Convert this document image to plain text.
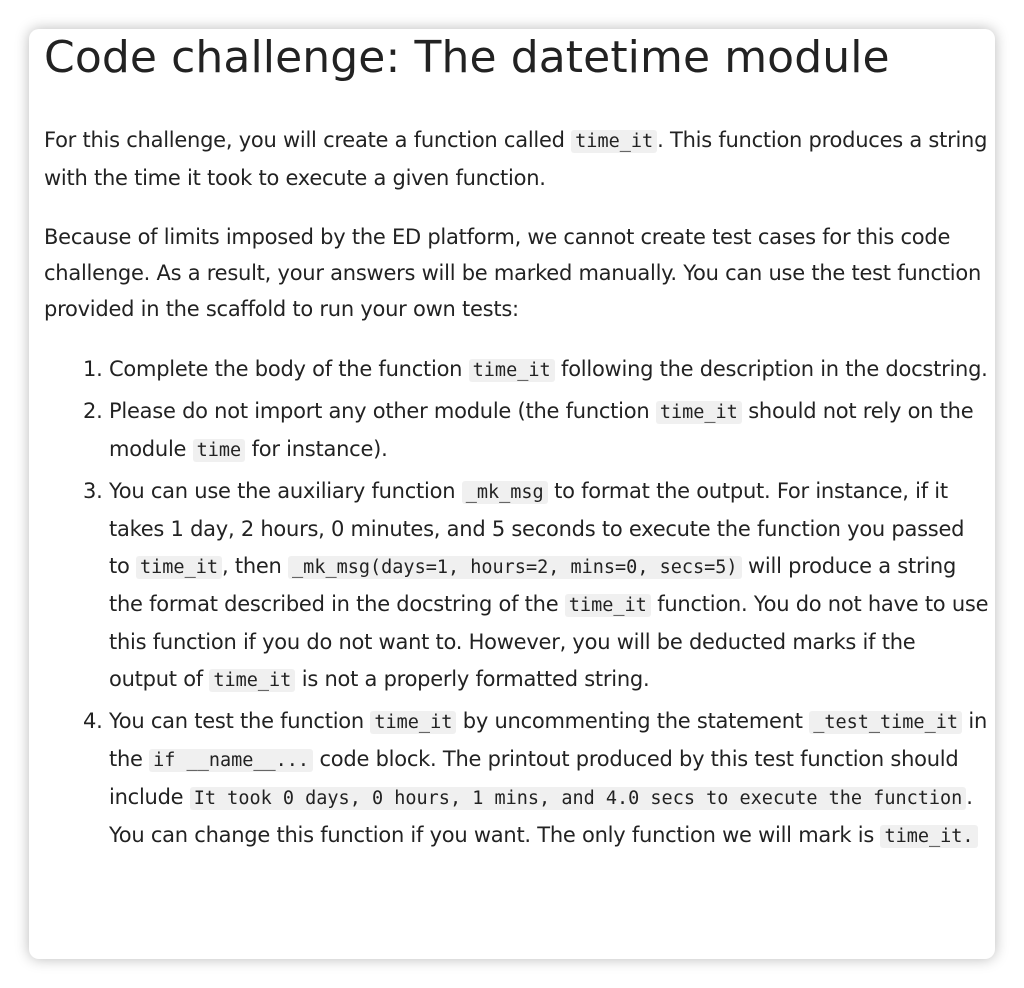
Code challenge: The datetime module

For this challenge, you will create a function called time_it . This function produces a string with the time it took to execute a given function.

Because of limits imposed by the ED platform, we cannot create test cases for this code challenge. As a result, your answers will be marked manually. You can use the test function provided in the scaffold to run your own tests:

1. Complete the body of the function time_it following the description in the docstring.
2. Please do not import any other module (the function time_it should not rely on the module time for instance).
3. You can use the auxiliary function _mk_msg to format the output. For instance, if it takes 1 day, 2 hours, 0 minutes, and 5 seconds to execute the function you passed to time_it , then _mk_msg(days=1, hours=2, mins=0, secs=5) will produce a string the format described in the docstring of the time_it function. You do not have to use this function if you do not want to. However, you will be deducted marks if the output of time_it is not a properly formatted string.
4. You can test the function time_it by uncommenting the statement _test_time_it in the if __name__... code block. The printout produced by this test function should include It took 0 days, 0 hours, 1 mins, and 4.0 secs to execute the function . You can change this function if you want. The only function we will mark is time_it.
